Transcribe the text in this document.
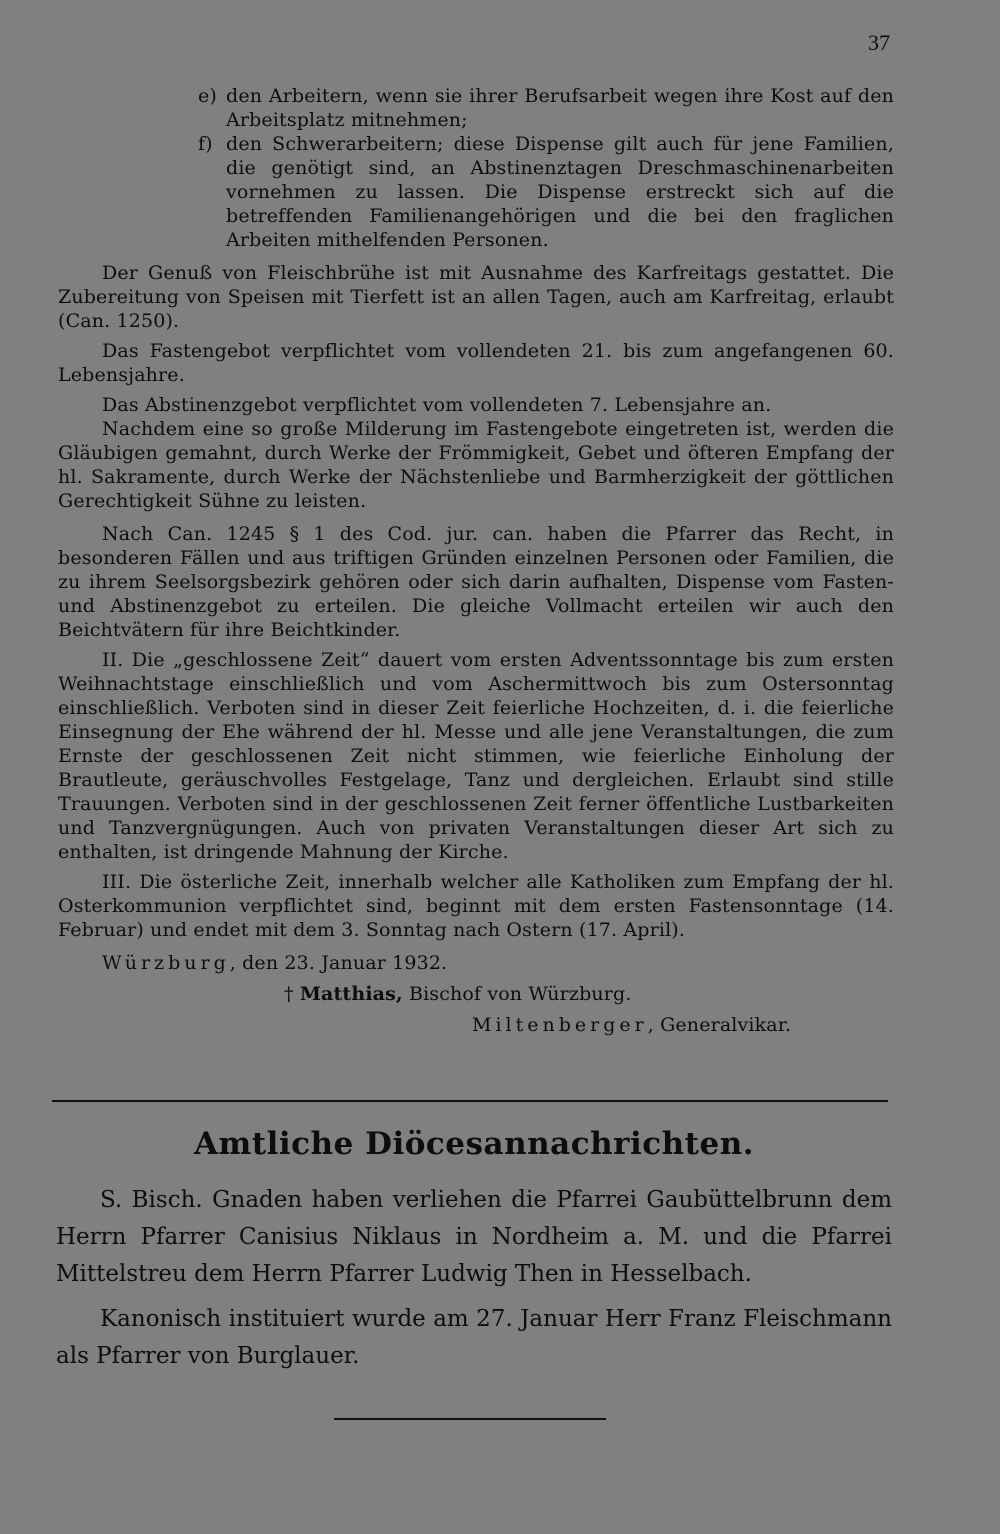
37
e) den Arbeitern, wenn sie ihrer Berufsarbeit wegen ihre Kost auf den Arbeitsplatz mitnehmen;
f) den Schwerarbeitern; diese Dispense gilt auch für jene Familien, die genötigt sind, an Abstinenztagen Dreschmaschinenarbeiten vornehmen zu lassen. Die Dispense erstreckt sich auf die betreffenden Familienangehörigen und die bei den fraglichen Arbeiten mithelfenden Personen.

Der Genuß von Fleischbrühe ist mit Ausnahme des Karfreitags gestattet. Die Zubereitung von Speisen mit Tierfett ist an allen Tagen, auch am Karfreitag, erlaubt (Can. 1250).

Das Fastengebot verpflichtet vom vollendeten 21. bis zum angefangenen 60. Lebensjahre.

Das Abstinenzgebot verpflichtet vom vollendeten 7. Lebensjahre an.

Nachdem eine so große Milderung im Fastengebote eingetreten ist, werden die Gläubigen gemahnt, durch Werke der Frömmigkeit, Gebet und öfteren Empfang der hl. Sakramente, durch Werke der Nächstenliebe und Barmherzigkeit der göttlichen Gerechtigkeit Sühne zu leisten.

Nach Can. 1245 § 1 des Cod. jur. can. haben die Pfarrer das Recht, in besonderen Fällen und aus triftigen Gründen einzelnen Personen oder Familien, die zu ihrem Seelsorgsbezirk gehören oder sich darin aufhalten, Dispense vom Fasten- und Abstinenzgebot zu erteilen. Die gleiche Vollmacht erteilen wir auch den Beichtvätern für ihre Beichtkinder.

II. Die „geschlossene Zeit“ dauert vom ersten Adventssonntage bis zum ersten Weihnachtstage einschließlich und vom Aschermittwoch bis zum Ostersonntag einschließlich. Verboten sind in dieser Zeit feierliche Hochzeiten, d. i. die feierliche Einsegnung der Ehe während der hl. Messe und alle jene Veranstaltungen, die zum Ernste der geschlossenen Zeit nicht stimmen, wie feierliche Einholung der Brautleute, geräuschvolles Festgelage, Tanz und dergleichen. Erlaubt sind stille Trauungen. Verboten sind in der geschlossenen Zeit ferner öffentliche Lustbarkeiten und Tanzvergnügungen. Auch von privaten Veranstaltungen dieser Art sich zu enthalten, ist dringende Mahnung der Kirche.

III. Die österliche Zeit, innerhalb welcher alle Katholiken zum Empfang der hl. Osterkommunion verpflichtet sind, beginnt mit dem ersten Fastensonntage (14. Februar) und endet mit dem 3. Sonntag nach Ostern (17. April).

Würzburg, den 23. Januar 1932.

† Matthias, Bischof von Würzburg.

Miltenberger, Generalvikar.

Amtliche Diöcesannachrichten.

S. Bisch. Gnaden haben verliehen die Pfarrei Gaubüttelbrunn dem Herrn Pfarrer Canisius Niklaus in Nordheim a. M. und die Pfarrei Mittelstreu dem Herrn Pfarrer Ludwig Then in Hesselbach.

Kanonisch instituiert wurde am 27. Januar Herr Franz Fleischmann als Pfarrer von Burglauer.
